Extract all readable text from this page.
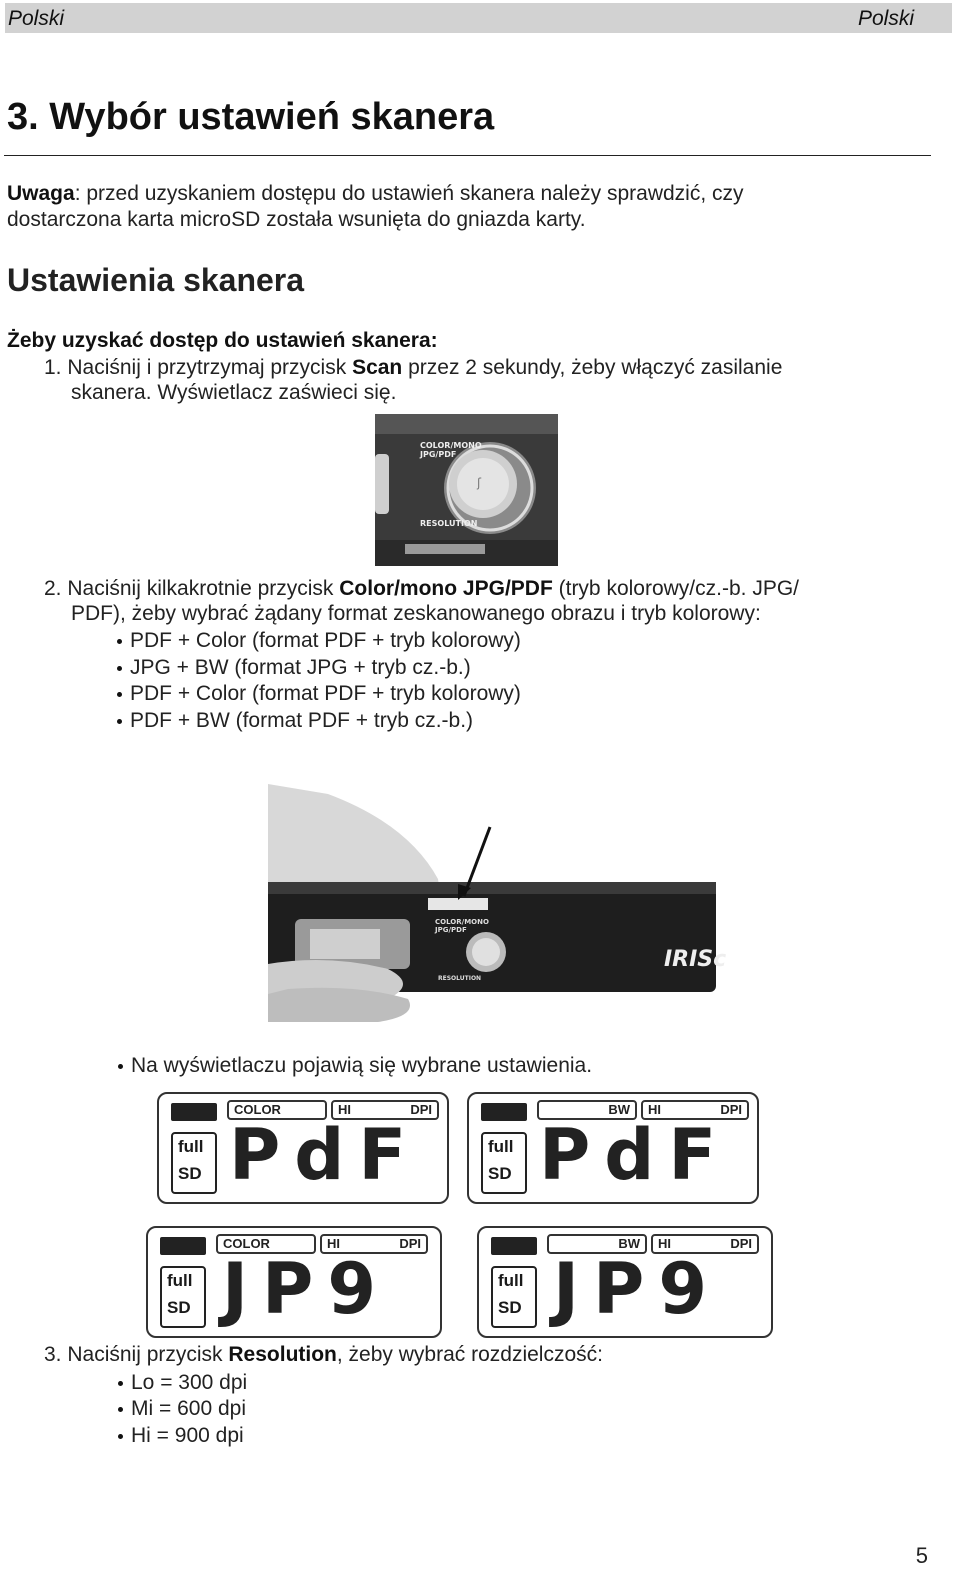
Polski	Polski
3. Wybór ustawień skanera
Uwaga: przed uzyskaniem dostępu do ustawień skanera należy sprawdzić, czy
dostarczona karta microSD została wsunięta do gniazda karty.
Ustawienia skanera
Żeby uzyskać dostęp do ustawień skanera:
1. Naciśnij i przytrzymaj przycisk Scan przez 2 sekundy, żeby włączyć zasilanie
skanera. Wyświetlacz zaświeci się.
ʃ
COLOR/MONO
JPG/PDF
RESOLUTION
2. Naciśnij kilkakrotnie przycisk Color/mono JPG/PDF (tryb kolorowy/cz.-b. JPG/
PDF), żeby wybrać żądany format zeskanowanego obrazu i tryb kolorowy:
PDF + Color (format PDF + tryb kolorowy)
JPG + BW (format JPG + tryb cz.-b.)
PDF + Color (format PDF + tryb kolorowy)
PDF + BW (format PDF + tryb cz.-b.)
COLOR/MONO
JPG/PDF
RESOLUTION
IRISc
Na wyświetlaczu pojawią się wybrane ustawienia.
COLOR	HI	DPI
full
SD PdF
BW HI	DPI
full
SD PdF
COLOR	HI	DPI
full
SD JP9
BW HI	DPI
full
SD JP9
3. Naciśnij przycisk Resolution, żeby wybrać rozdzielczość:
Lo = 300 dpi
Mi = 600 dpi
Hi = 900 dpi
5
